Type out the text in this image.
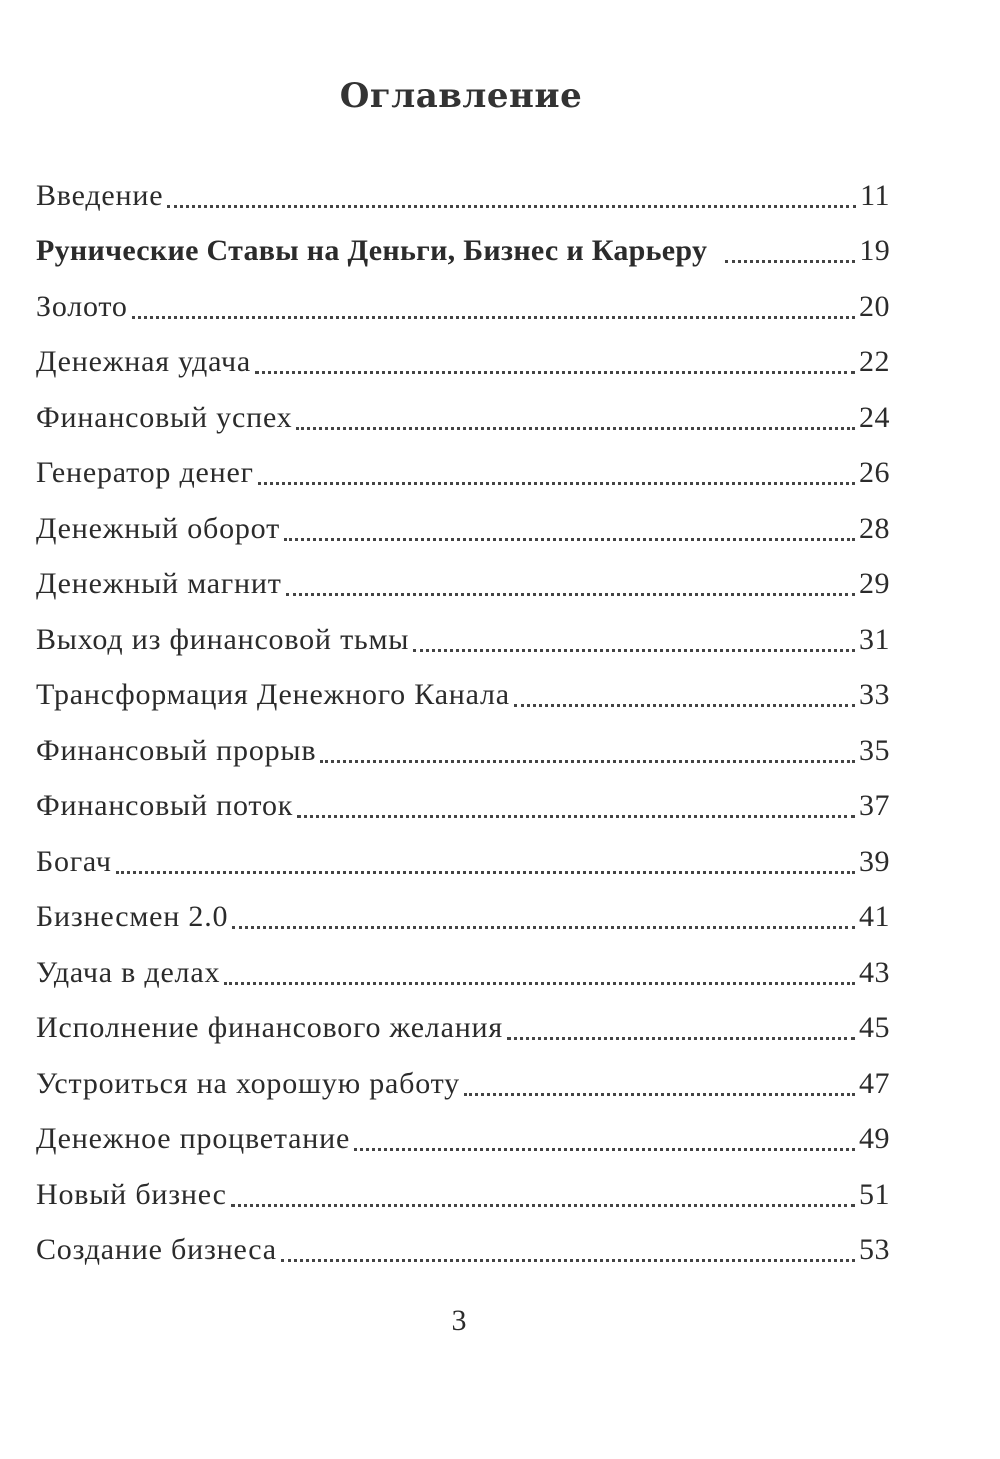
Оглавление
Введение	11
Рунические Ставы на Деньги, Бизнес и Карьеру	19
Золото	20
Денежная удача	22
Финансовый успех	24
Генератор денег	26
Денежный оборот	28
Денежный магнит	29
Выход из финансовой тьмы	31
Трансформация Денежного Канала	33
Финансовый прорыв	35
Финансовый поток	37
Богач	39
Бизнесмен 2.0	41
Удача в делах	43
Исполнение финансового желания	45
Устроиться на хорошую работу	47
Денежное процветание	49
Новый бизнес	51
Создание бизнеса	53
3
